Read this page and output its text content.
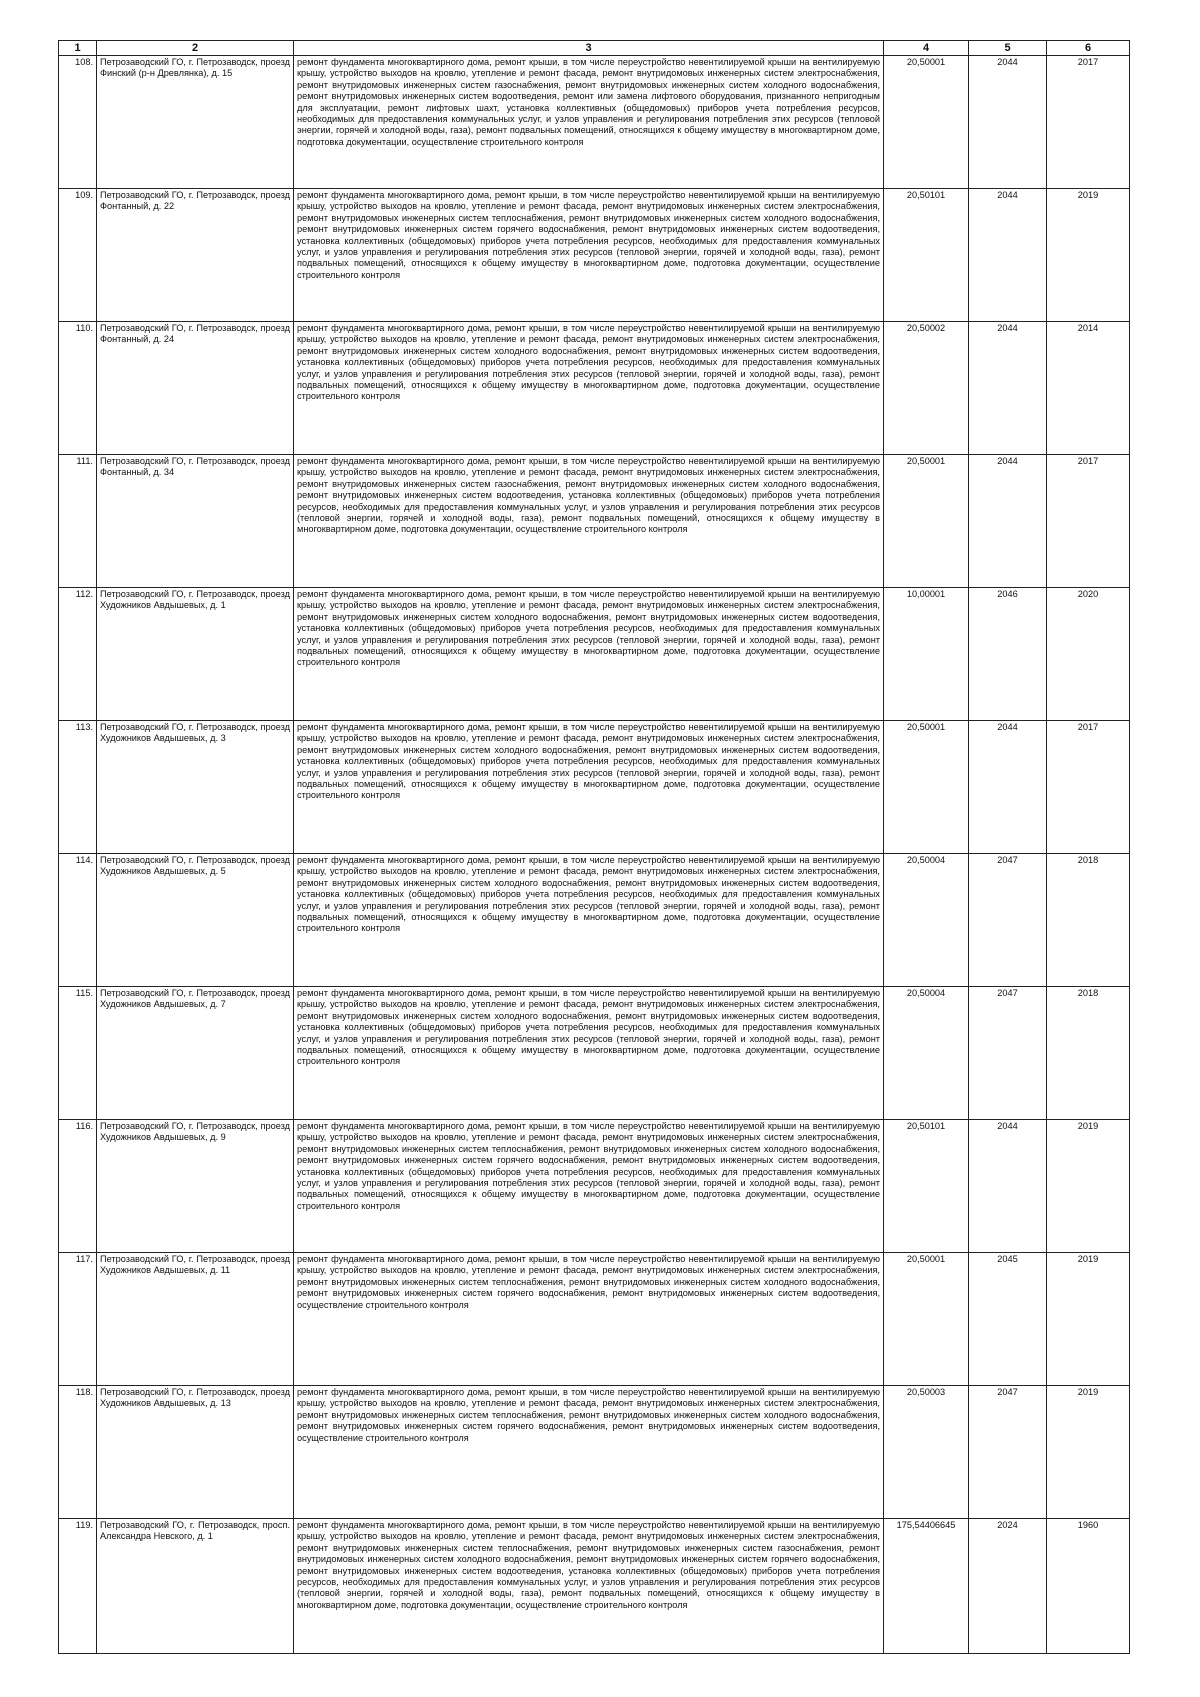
1	2	3	4	5	6
108.	Петрозаводский ГО, г. Петрозаводск, проезд Финский (р-н Древлянка), д. 15	ремонт фундамента многоквартирного дома, ремонт крыши, в том числе переустройство невентилируемой крыши на вентилируемую крышу, устройство выходов на кровлю, утепление и ремонт фасада, ремонт внутридомовых инженерных систем электроснабжения, ремонт внутридомовых инженерных систем газоснабжения, ремонт внутридомовых инженерных систем холодного водоснабжения, ремонт внутридомовых инженерных систем водоотведения, ремонт или замена лифтового оборудования, признанного непригодным для эксплуатации, ремонт лифтовых шахт, установка коллективных (общедомовых) приборов учета потребления ресурсов, необходимых для предоставления коммунальных услуг, и узлов управления и регулирования потребления этих ресурсов (тепловой энергии, горячей и холодной воды, газа), ремонт подвальных помещений, относящихся к общему имуществу в многоквартирном доме, подготовка документации, осуществление строительного контроля	20,50001	2044	2017
109.	Петрозаводский ГО, г. Петрозаводск, проезд Фонтанный, д. 22	ремонт фундамента многоквартирного дома, ремонт крыши, в том числе переустройство невентилируемой крыши на вентилируемую крышу, устройство выходов на кровлю, утепление и ремонт фасада, ремонт внутридомовых инженерных систем электроснабжения, ремонт внутридомовых инженерных систем теплоснабжения, ремонт внутридомовых инженерных систем холодного водоснабжения, ремонт внутридомовых инженерных систем горячего водоснабжения, ремонт внутридомовых инженерных систем водоотведения, установка коллективных (общедомовых) приборов учета потребления ресурсов, необходимых для предоставления коммунальных услуг, и узлов управления и регулирования потребления этих ресурсов (тепловой энергии, горячей и холодной воды, газа), ремонт подвальных помещений, относящихся к общему имуществу в многоквартирном доме, подготовка документации, осуществление строительного контроля	20,50101	2044	2019
110.	Петрозаводский ГО, г. Петрозаводск, проезд Фонтанный, д. 24	ремонт фундамента многоквартирного дома, ремонт крыши, в том числе переустройство невентилируемой крыши на вентилируемую крышу, устройство выходов на кровлю, утепление и ремонт фасада, ремонт внутридомовых инженерных систем электроснабжения, ремонт внутридомовых инженерных систем холодного водоснабжения, ремонт внутридомовых инженерных систем водоотведения, установка коллективных (общедомовых) приборов учета потребления ресурсов, необходимых для предоставления коммунальных услуг, и узлов управления и регулирования потребления этих ресурсов (тепловой энергии, горячей и холодной воды, газа), ремонт подвальных помещений, относящихся к общему имуществу в многоквартирном доме, подготовка документации, осуществление строительного контроля	20,50002	2044	2014
111.	Петрозаводский ГО, г. Петрозаводск, проезд Фонтанный, д. 34	ремонт фундамента многоквартирного дома, ремонт крыши, в том числе переустройство невентилируемой крыши на вентилируемую крышу, устройство выходов на кровлю, утепление и ремонт фасада, ремонт внутридомовых инженерных систем электроснабжения, ремонт внутридомовых инженерных систем газоснабжения, ремонт внутридомовых инженерных систем холодного водоснабжения, ремонт внутридомовых инженерных систем водоотведения, установка коллективных (общедомовых) приборов учета потребления ресурсов, необходимых для предоставления коммунальных услуг, и узлов управления и регулирования потребления этих ресурсов (тепловой энергии, горячей и холодной воды, газа), ремонт подвальных помещений, относящихся к общему имуществу в многоквартирном доме, подготовка документации, осуществление строительного контроля	20,50001	2044	2017
112.	Петрозаводский ГО, г. Петрозаводск, проезд Художников Авдышевых, д. 1	ремонт фундамента многоквартирного дома, ремонт крыши, в том числе переустройство невентилируемой крыши на вентилируемую крышу, устройство выходов на кровлю, утепление и ремонт фасада, ремонт внутридомовых инженерных систем электроснабжения, ремонт внутридомовых инженерных систем холодного водоснабжения, ремонт внутридомовых инженерных систем водоотведения, установка коллективных (общедомовых) приборов учета потребления ресурсов, необходимых для предоставления коммунальных услуг, и узлов управления и регулирования потребления этих ресурсов (тепловой энергии, горячей и холодной воды, газа), ремонт подвальных помещений, относящихся к общему имуществу в многоквартирном доме, подготовка документации, осуществление строительного контроля	10,00001	2046	2020
113.	Петрозаводский ГО, г. Петрозаводск, проезд Художников Авдышевых, д. 3	ремонт фундамента многоквартирного дома, ремонт крыши, в том числе переустройство невентилируемой крыши на вентилируемую крышу, устройство выходов на кровлю, утепление и ремонт фасада, ремонт внутридомовых инженерных систем электроснабжения, ремонт внутридомовых инженерных систем холодного водоснабжения, ремонт внутридомовых инженерных систем водоотведения, установка коллективных (общедомовых) приборов учета потребления ресурсов, необходимых для предоставления коммунальных услуг, и узлов управления и регулирования потребления этих ресурсов (тепловой энергии, горячей и холодной воды, газа), ремонт подвальных помещений, относящихся к общему имуществу в многоквартирном доме, подготовка документации, осуществление строительного контроля	20,50001	2044	2017
114.	Петрозаводский ГО, г. Петрозаводск, проезд Художников Авдышевых, д. 5	ремонт фундамента многоквартирного дома, ремонт крыши, в том числе переустройство невентилируемой крыши на вентилируемую крышу, устройство выходов на кровлю, утепление и ремонт фасада, ремонт внутридомовых инженерных систем электроснабжения, ремонт внутридомовых инженерных систем холодного водоснабжения, ремонт внутридомовых инженерных систем водоотведения, установка коллективных (общедомовых) приборов учета потребления ресурсов, необходимых для предоставления коммунальных услуг, и узлов управления и регулирования потребления этих ресурсов (тепловой энергии, горячей и холодной воды, газа), ремонт подвальных помещений, относящихся к общему имуществу в многоквартирном доме, подготовка документации, осуществление строительного контроля	20,50004	2047	2018
115.	Петрозаводский ГО, г. Петрозаводск, проезд Художников Авдышевых, д. 7	ремонт фундамента многоквартирного дома, ремонт крыши, в том числе переустройство невентилируемой крыши на вентилируемую крышу, устройство выходов на кровлю, утепление и ремонт фасада, ремонт внутридомовых инженерных систем электроснабжения, ремонт внутридомовых инженерных систем холодного водоснабжения, ремонт внутридомовых инженерных систем водоотведения, установка коллективных (общедомовых) приборов учета потребления ресурсов, необходимых для предоставления коммунальных услуг, и узлов управления и регулирования потребления этих ресурсов (тепловой энергии, горячей и холодной воды, газа), ремонт подвальных помещений, относящихся к общему имуществу в многоквартирном доме, подготовка документации, осуществление строительного контроля	20,50004	2047	2018
116.	Петрозаводский ГО, г. Петрозаводск, проезд Художников Авдышевых, д. 9	ремонт фундамента многоквартирного дома, ремонт крыши, в том числе переустройство невентилируемой крыши на вентилируемую крышу, устройство выходов на кровлю, утепление и ремонт фасада, ремонт внутридомовых инженерных систем электроснабжения, ремонт внутридомовых инженерных систем теплоснабжения, ремонт внутридомовых инженерных систем холодного водоснабжения, ремонт внутридомовых инженерных систем горячего водоснабжения, ремонт внутридомовых инженерных систем водоотведения, установка коллективных (общедомовых) приборов учета потребления ресурсов, необходимых для предоставления коммунальных услуг, и узлов управления и регулирования потребления этих ресурсов (тепловой энергии, горячей и холодной воды, газа), ремонт подвальных помещений, относящихся к общему имуществу в многоквартирном доме, подготовка документации, осуществление строительного контроля	20,50101	2044	2019
117.	Петрозаводский ГО, г. Петрозаводск, проезд Художников Авдышевых, д. 11	ремонт фундамента многоквартирного дома, ремонт крыши, в том числе переустройство невентилируемой крыши на вентилируемую крышу, устройство выходов на кровлю, утепление и ремонт фасада, ремонт внутридомовых инженерных систем электроснабжения, ремонт внутридомовых инженерных систем теплоснабжения, ремонт внутридомовых инженерных систем холодного водоснабжения, ремонт внутридомовых инженерных систем горячего водоснабжения, ремонт внутридомовых инженерных систем водоотведения, осуществление строительного контроля	20,50001	2045	2019
118.	Петрозаводский ГО, г. Петрозаводск, проезд Художников Авдышевых, д. 13	ремонт фундамента многоквартирного дома, ремонт крыши, в том числе переустройство невентилируемой крыши на вентилируемую крышу, устройство выходов на кровлю, утепление и ремонт фасада, ремонт внутридомовых инженерных систем электроснабжения, ремонт внутридомовых инженерных систем теплоснабжения, ремонт внутридомовых инженерных систем холодного водоснабжения, ремонт внутридомовых инженерных систем горячего водоснабжения, ремонт внутридомовых инженерных систем водоотведения, осуществление строительного контроля	20,50003	2047	2019
119.	Петрозаводский ГО, г. Петрозаводск, просп. Александра Невского, д. 1	ремонт фундамента многоквартирного дома, ремонт крыши, в том числе переустройство невентилируемой крыши на вентилируемую крышу, устройство выходов на кровлю, утепление и ремонт фасада, ремонт внутридомовых инженерных систем электроснабжения, ремонт внутридомовых инженерных систем теплоснабжения, ремонт внутридомовых инженерных систем газоснабжения, ремонт внутридомовых инженерных систем холодного водоснабжения, ремонт внутридомовых инженерных систем горячего водоснабжения, ремонт внутридомовых инженерных систем водоотведения, установка коллективных (общедомовых) приборов учета потребления ресурсов, необходимых для предоставления коммунальных услуг, и узлов управления и регулирования потребления этих ресурсов (тепловой энергии, горячей и холодной воды, газа), ремонт подвальных помещений, относящихся к общему имуществу в многоквартирном доме, подготовка документации, осуществление строительного контроля	175,54406645	2024	1960
